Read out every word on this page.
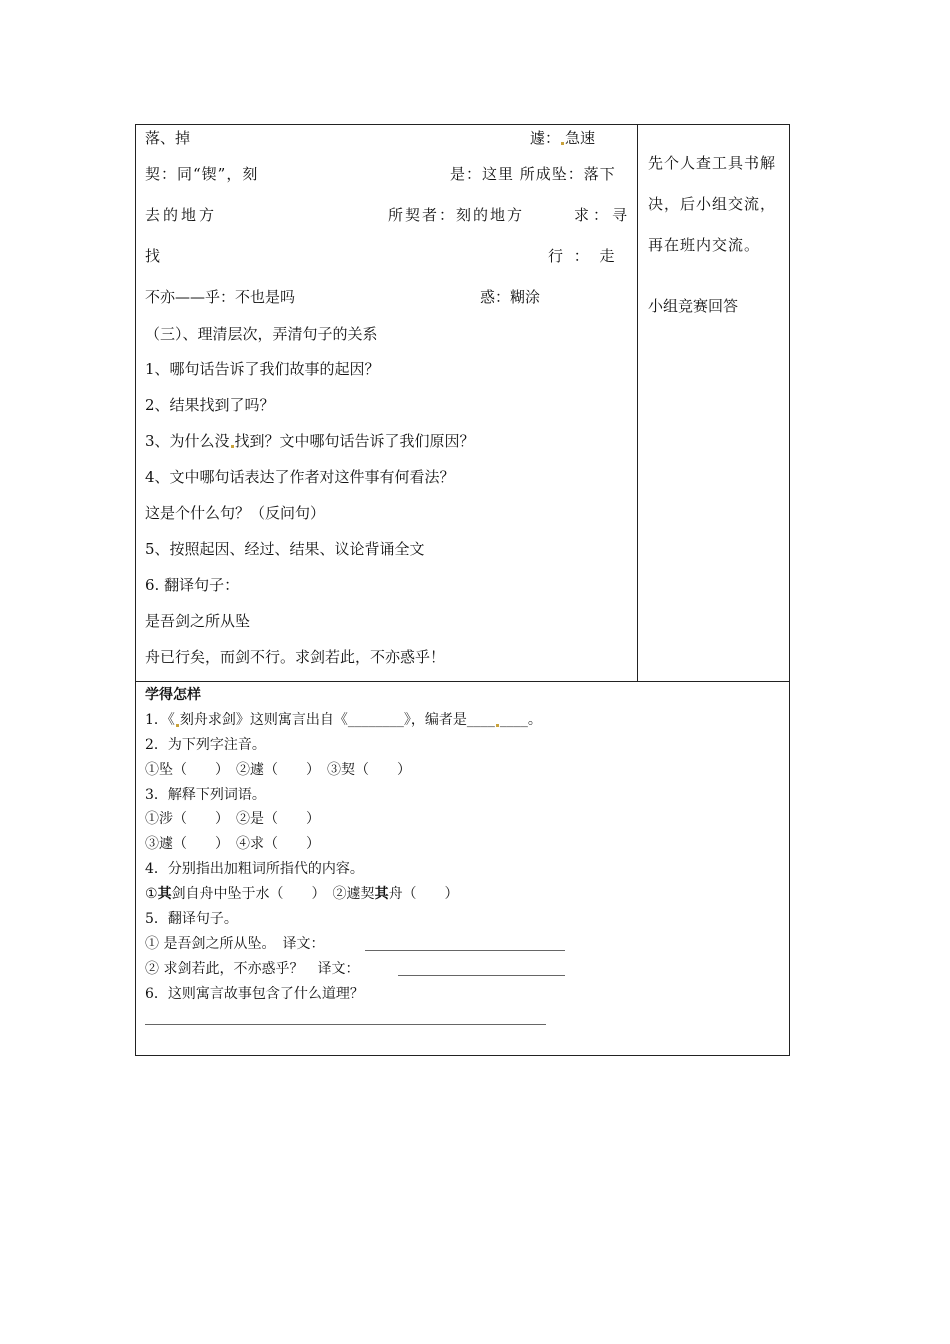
落、掉	遽： 急速
契：同“锲”，刻	是：这里 所成坠：落下
去的地方	所契者：刻的地方	求：寻
找	行 ： 走
不亦——乎：不也是吗	惑：糊涂
（三）、理清层次，弄清句子的关系
1、哪句话告诉了我们故事的起因？
2、结果找到了吗？
3、为什么没 找到？文中哪句话告诉了我们原因？
4、文中哪句话表达了作者对这件事有何看法？
这是个什么句？（反问句）
5、按照起因、经过、结果、议论背诵全文
6. 翻译句子：
是吾剑之所从坠
舟已行矣，而剑不行。求剑若此，不亦惑乎！
先个人查工具书解
决，后小组交流，
再在班内交流。
小组竞赛回答
学得怎样
1．《 刻舟求剑》这则寓言出自《________》，编者是____ ____。
2．为下列字注音。
①坠（　　）　②遽（　　）　③契（　　）
3．解释下列词语。
①涉（　　）　②是（　　）
③遽（　　）　④求（　　）
4．分别指出加粗词所指代的内容。
①其剑自舟中坠于水（　　）　②遽契其舟（　　）
5．翻译句子。
① 是吾剑之所从坠。　译文：
② 求剑若此，不亦惑乎？　译文：
6．这则寓言故事包含了什么道理？
